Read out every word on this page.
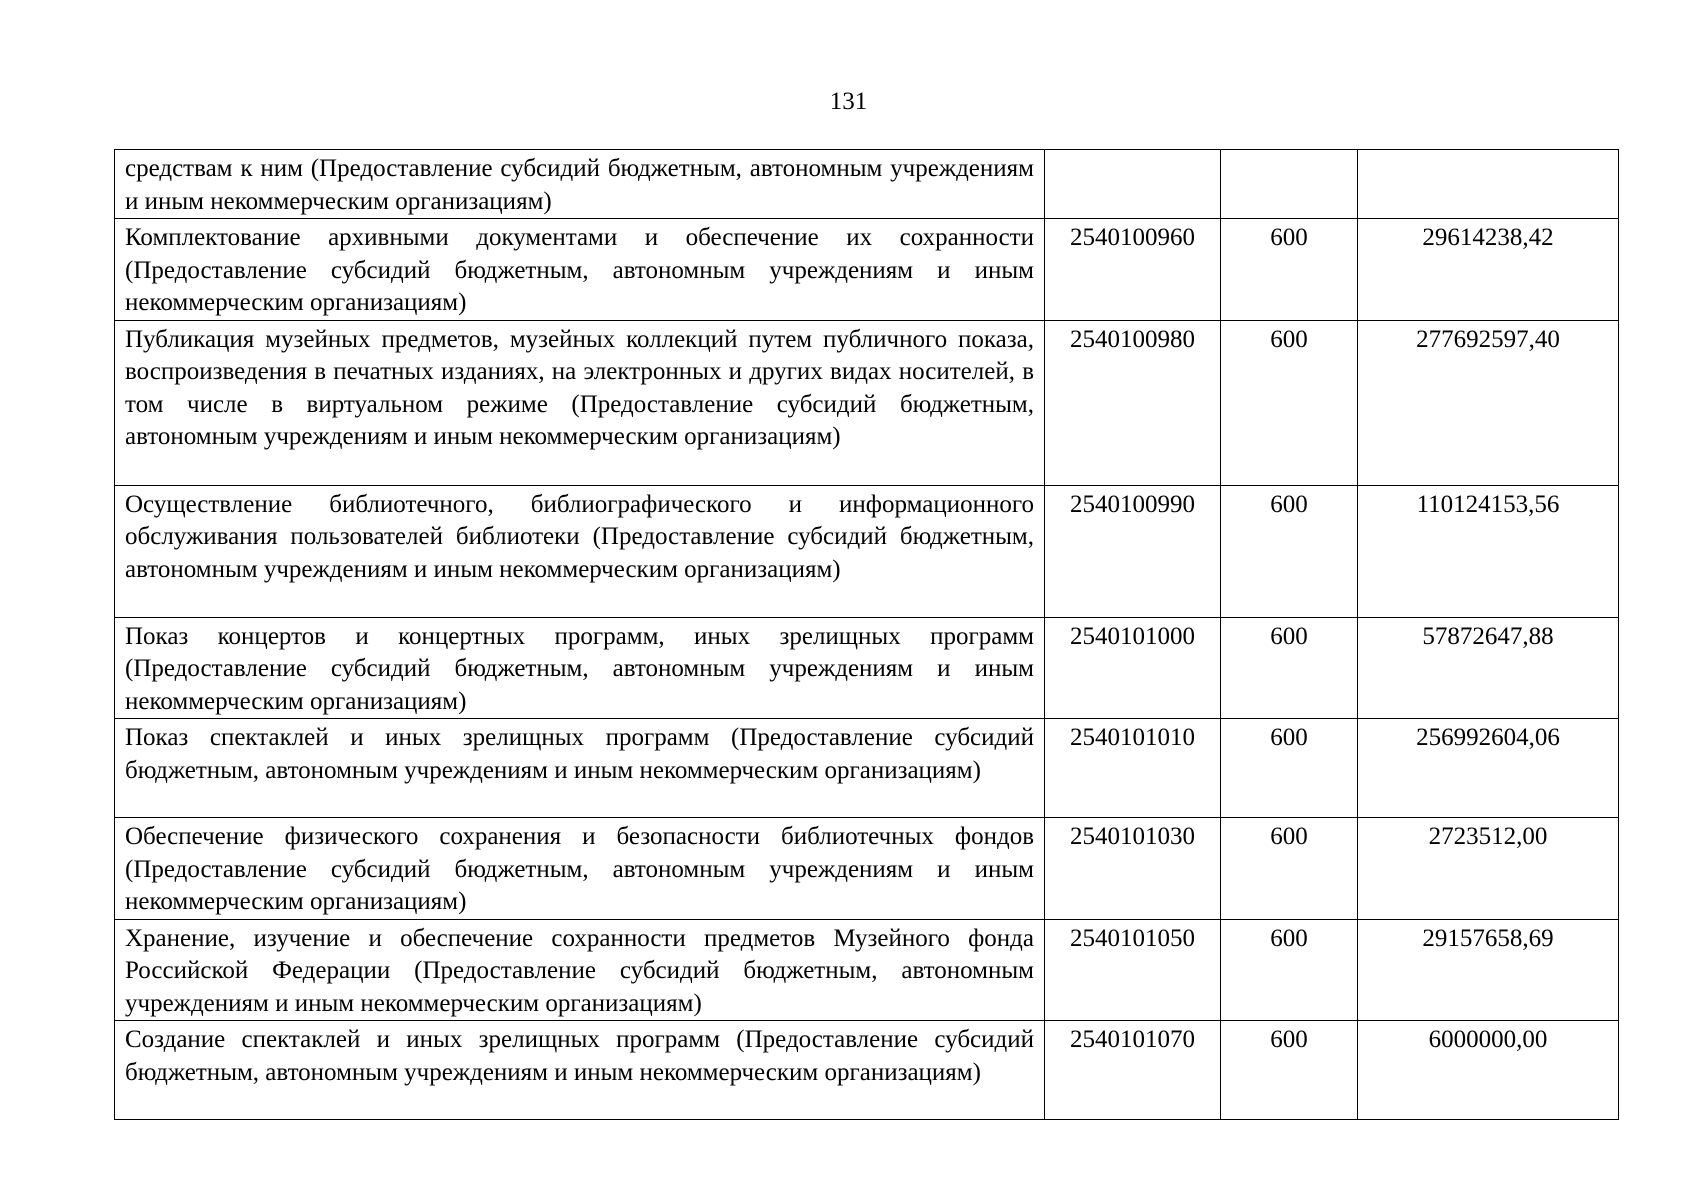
131
средствам к ним (Предоставление субсидий бюджетным, автономным учреждениям и иным некоммерческим организациям)			
Комплектование архивными документами и обеспечение их сохранности (Предоставление субсидий бюджетным, автономным учреждениям и иным некоммерческим организациям)	2540100960	600	29614238,42
Публикация музейных предметов, музейных коллекций путем публичного показа, воспроизведения в печатных изданиях, на электронных и других видах носителей, в том числе в виртуальном режиме (Предоставление субсидий бюджетным, автономным учреждениям и иным некоммерческим организациям)	2540100980	600	277692597,40
Осуществление библиотечного, библиографического и информационного обслуживания пользователей библиотеки (Предоставление субсидий бюджетным, автономным учреждениям и иным некоммерческим организациям)	2540100990	600	110124153,56
Показ концертов и концертных программ, иных зрелищных программ (Предоставление субсидий бюджетным, автономным учреждениям и иным некоммерческим организациям)	2540101000	600	57872647,88
Показ спектаклей и иных зрелищных программ (Предоставление субсидий бюджетным, автономным учреждениям и иным некоммерческим организациям)	2540101010	600	256992604,06
Обеспечение физического сохранения и безопасности библиотечных фондов (Предоставление субсидий бюджетным, автономным учреждениям и иным некоммерческим организациям)	2540101030	600	2723512,00
Хранение, изучение и обеспечение сохранности предметов Музейного фонда Российской Федерации (Предоставление субсидий бюджетным, автономным учреждениям и иным некоммерческим организациям)	2540101050	600	29157658,69
Создание спектаклей и иных зрелищных программ (Предоставление субсидий бюджетным, автономным учреждениям и иным некоммерческим организациям)	2540101070	600	6000000,00
